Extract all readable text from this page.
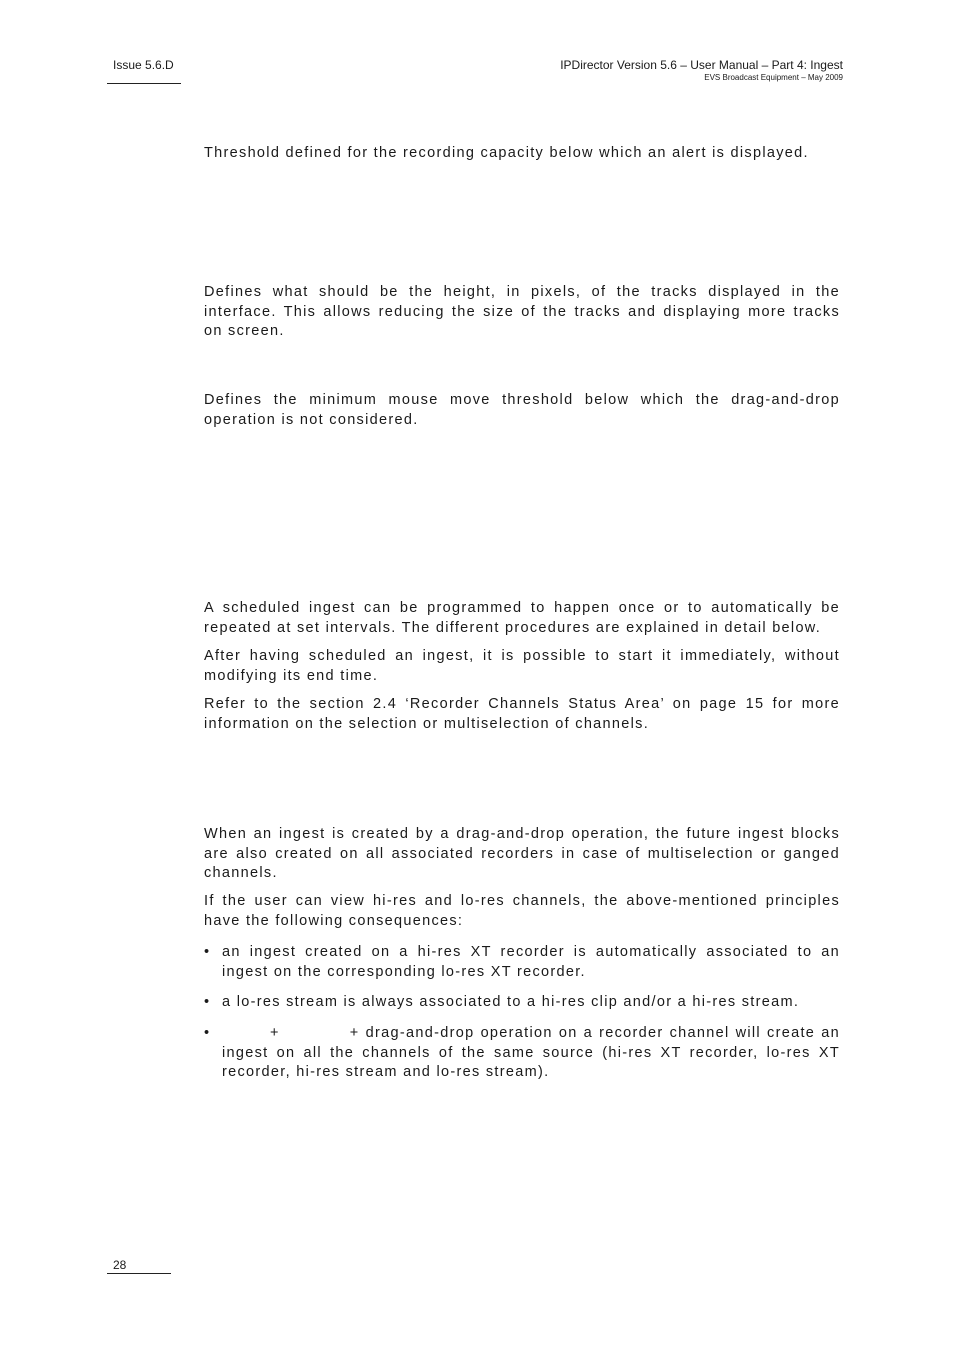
Issue 5.6.D	IPDirector Version 5.6 – User Manual – Part 4: Ingest
EVS Broadcast Equipment – May 2009

Threshold defined for the recording capacity below which an alert is displayed.

Defines what should be the height, in pixels, of the tracks displayed in the interface. This allows reducing the size of the tracks and displaying more tracks on screen.

Defines the minimum mouse move threshold below which the drag-and-drop operation is not considered.

A scheduled ingest can be programmed to happen once or to automatically be repeated at set intervals. The different procedures are explained in detail below.

After having scheduled an ingest, it is possible to start it immediately, without modifying its end time.

Refer to the section 2.4 ‘Recorder Channels Status Area’ on page 15 for more information on the selection or multiselection of channels.

When an ingest is created by a drag-and-drop operation, the future ingest blocks are also created on all associated recorders in case of multiselection or ganged channels.

If the user can view hi-res and lo-res channels, the above-mentioned principles have the following consequences:

• an ingest created on a hi-res XT recorder is automatically associated to an ingest on the corresponding lo-res XT recorder.
• a lo-res stream is always associated to a hi-res clip and/or a hi-res stream.
•	+	+ drag-and-drop operation on a recorder channel will create an ingest on all the channels of the same source (hi-res XT recorder, lo-res XT recorder, hi-res stream and lo-res stream).
28
